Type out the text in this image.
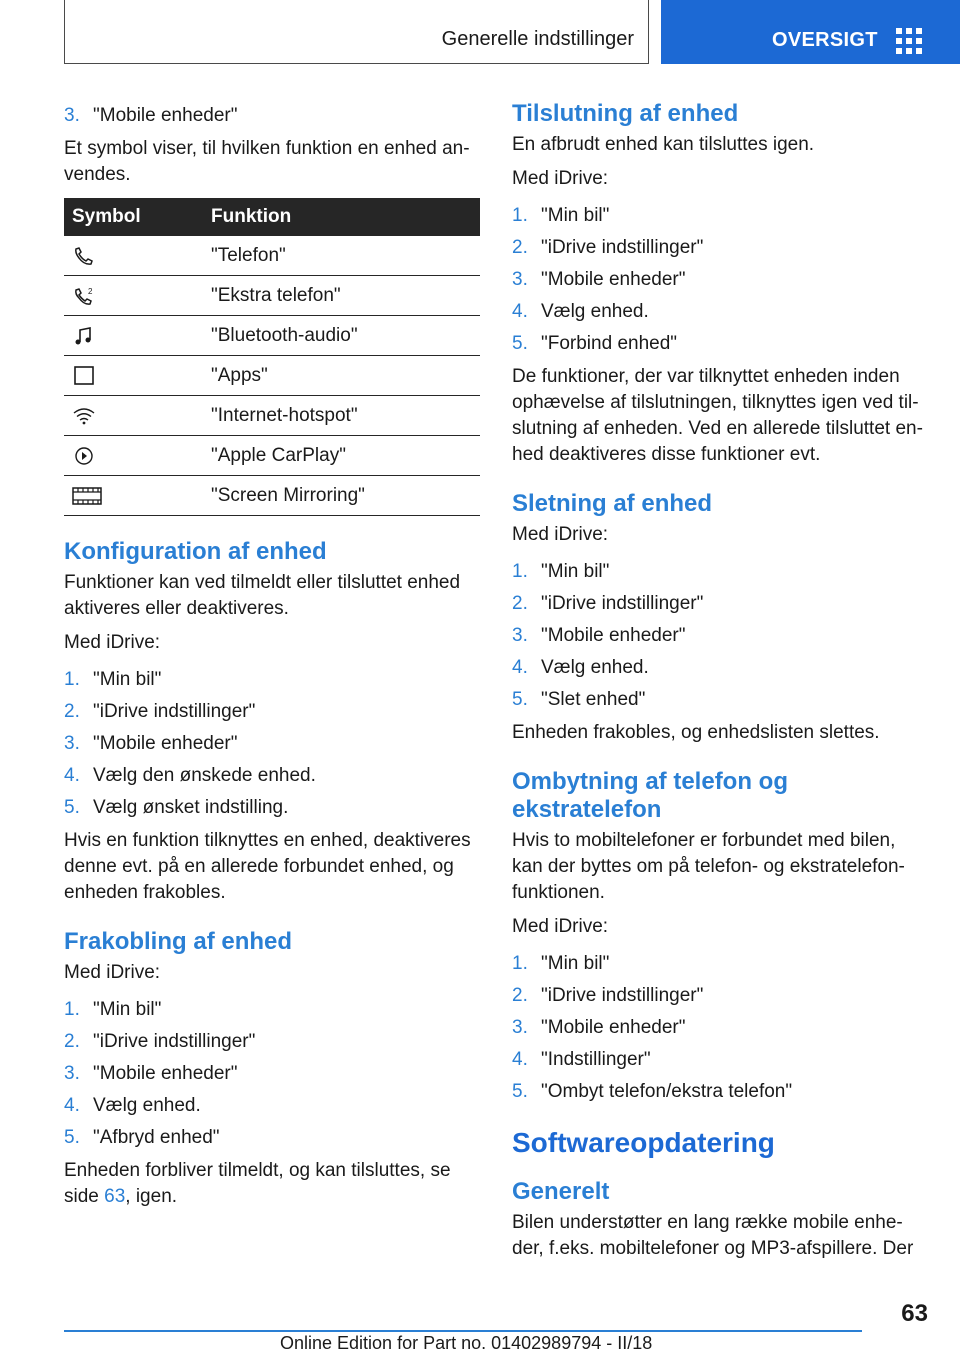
Generelle indstillinger	OVERSIGT
3. "Mobile enheder"

Et symbol viser, til hvilken funktion en enhed an-vendes.

Symbol	Funktion

	"Telefon"

2	"Ekstra telefon"

	"Bluetooth-audio"

	"Apps"

	"Internet-hotspot"

	"Apple CarPlay"

	"Screen Mirroring"
Konfiguration af enhed

Funktioner kan ved tilmeldt eller tilsluttet enhed aktiveres eller deaktiveres.

Med iDrive:

1. "Min bil"
2. "iDrive indstillinger"
3. "Mobile enheder"
4. Vælg den ønskede enhed.
5. Vælg ønsket indstilling.

Hvis en funktion tilknyttes en enhed, deaktiveres denne evt. på en allerede forbundet enhed, og enheden frakobles.

Frakobling af enhed

Med iDrive:

1. "Min bil"
2. "iDrive indstillinger"
3. "Mobile enheder"
4. Vælg enhed.
5. "Afbryd enhed"

Enheden forbliver tilmeldt, og kan tilsluttes, se side 63, igen.

Tilslutning af enhed

En afbrudt enhed kan tilsluttes igen.

Med iDrive:

1. "Min bil"
2. "iDrive indstillinger"
3. "Mobile enheder"
4. Vælg enhed.
5. "Forbind enhed"

De funktioner, der var tilknyttet enheden inden ophævelse af tilslutningen, tilknyttes igen ved til-slutning af enheden. Ved en allerede tilsluttet en-hed deaktiveres disse funktioner evt.

Sletning af enhed

Med iDrive:

1. "Min bil"
2. "iDrive indstillinger"
3. "Mobile enheder"
4. Vælg enhed.
5. "Slet enhed"

Enheden frakobles, og enhedslisten slettes.

Ombytning af telefon og
ekstratelefon

Hvis to mobiltelefoner er forbundet med bilen, kan der byttes om på telefon- og ekstratelefon-funktionen.

Med iDrive:

1. "Min bil"
2. "iDrive indstillinger"
3. "Mobile enheder"
4. "Indstillinger"
5. "Ombyt telefon/ekstra telefon"
Softwareopdatering
Generelt

Bilen understøtter en lang række mobile enhe-der, f.eks. mobiltelefoner og MP3-afspillere. Der

63
Online Edition for Part no. 01402989794 - II/18
